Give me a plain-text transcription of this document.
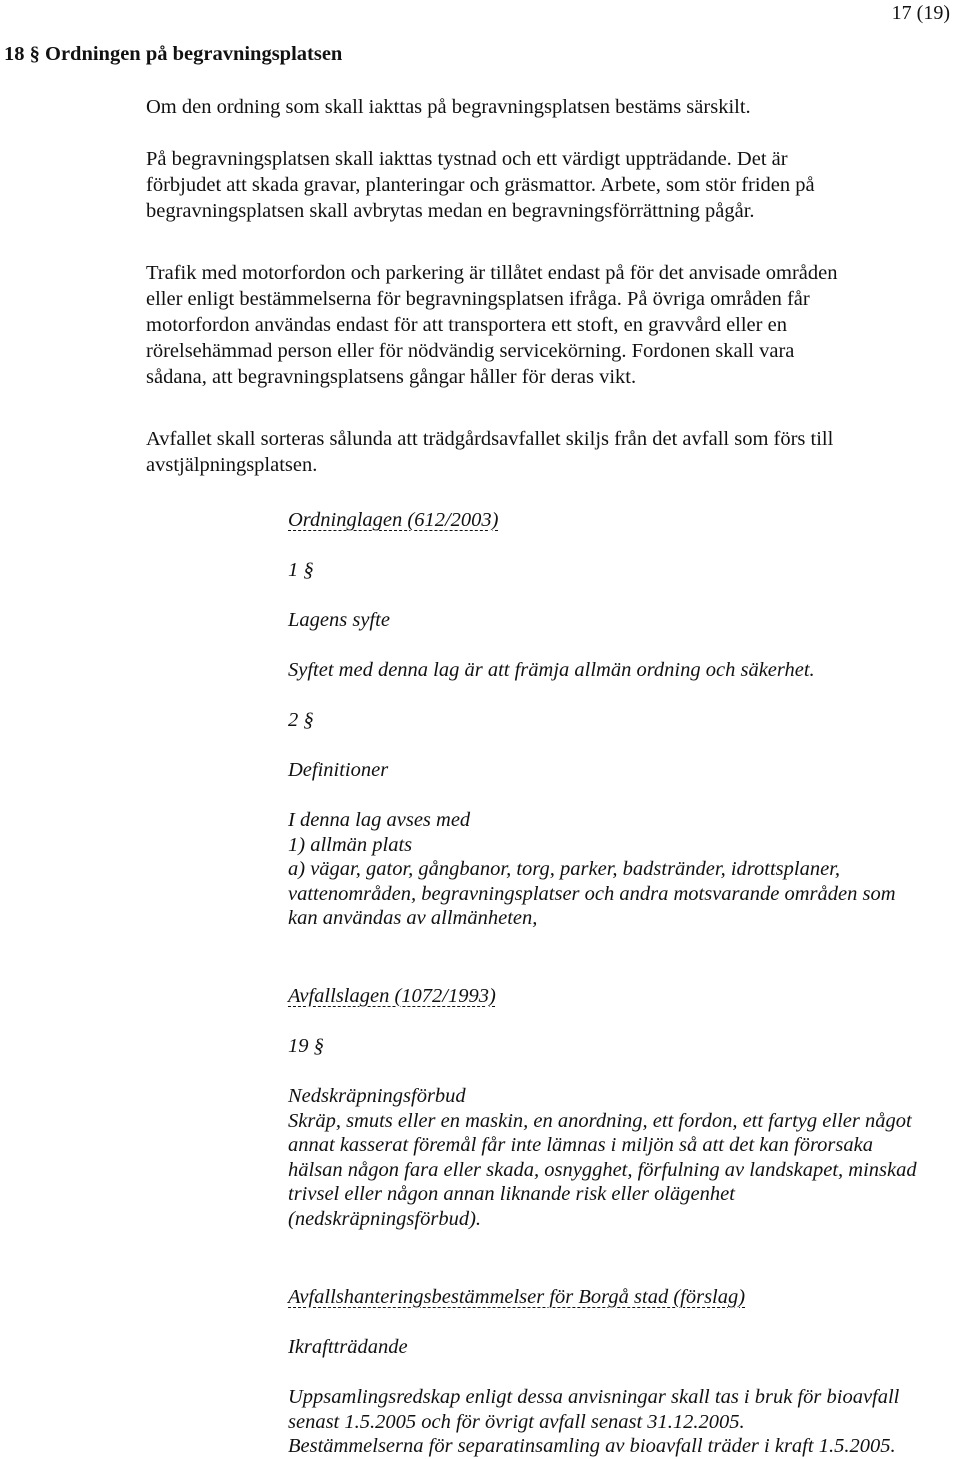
17 (19)
18 § Ordningen på begravningsplatsen

Om den ordning som skall iakttas på begravningsplatsen bestäms särskilt.

På begravningsplatsen skall iakttas tystnad och ett värdigt uppträdande. Det är
förbjudet att skada gravar, planteringar och gräsmattor. Arbete, som stör friden på
begravningsplatsen skall avbrytas medan en begravningsförrättning pågår.

Trafik med motorfordon och parkering är tillåtet endast på för det anvisade områden
eller enligt bestämmelserna för begravningsplatsen ifråga. På övriga områden får
motorfordon användas endast för att transportera ett stoft, en gravvård eller en
rörelsehämmad person eller för nödvändig servicekörning. Fordonen skall vara
sådana, att begravningsplatsens gångar håller för deras vikt.

Avfallet skall sorteras sålunda att trädgårdsavfallet skiljs från det avfall som förs till
avstjälpningsplatsen.

Ordninglagen (612/2003)
1 §
Lagens syfte
Syftet med denna lag är att främja allmän ordning och säkerhet.
2 §
Definitioner
I denna lag avses med
1) allmän plats
a) vägar, gator, gångbanor, torg, parker, badstränder, idrottsplaner,
vattenområden, begravningsplatser och andra motsvarande områden som
kan användas av allmänheten,
Avfallslagen (1072/1993)
19 §
Nedskräpningsförbud
Skräp, smuts eller en maskin, en anordning, ett fordon, ett fartyg eller något
annat kasserat föremål får inte lämnas i miljön så att det kan förorsaka
hälsan någon fara eller skada, osnygghet, förfulning av landskapet, minskad
trivsel eller någon annan liknande risk eller olägenhet
(nedskräpningsförbud).
Avfallshanteringsbestämmelser för Borgå stad (förslag)
Ikraftträdande
Uppsamlingsredskap enligt dessa anvisningar skall tas i bruk för bioavfall
senast 1.5.2005 och för övrigt avfall senast 31.12.2005.
Bestämmelserna för separatinsamling av bioavfall träder i kraft 1.5.2005.
